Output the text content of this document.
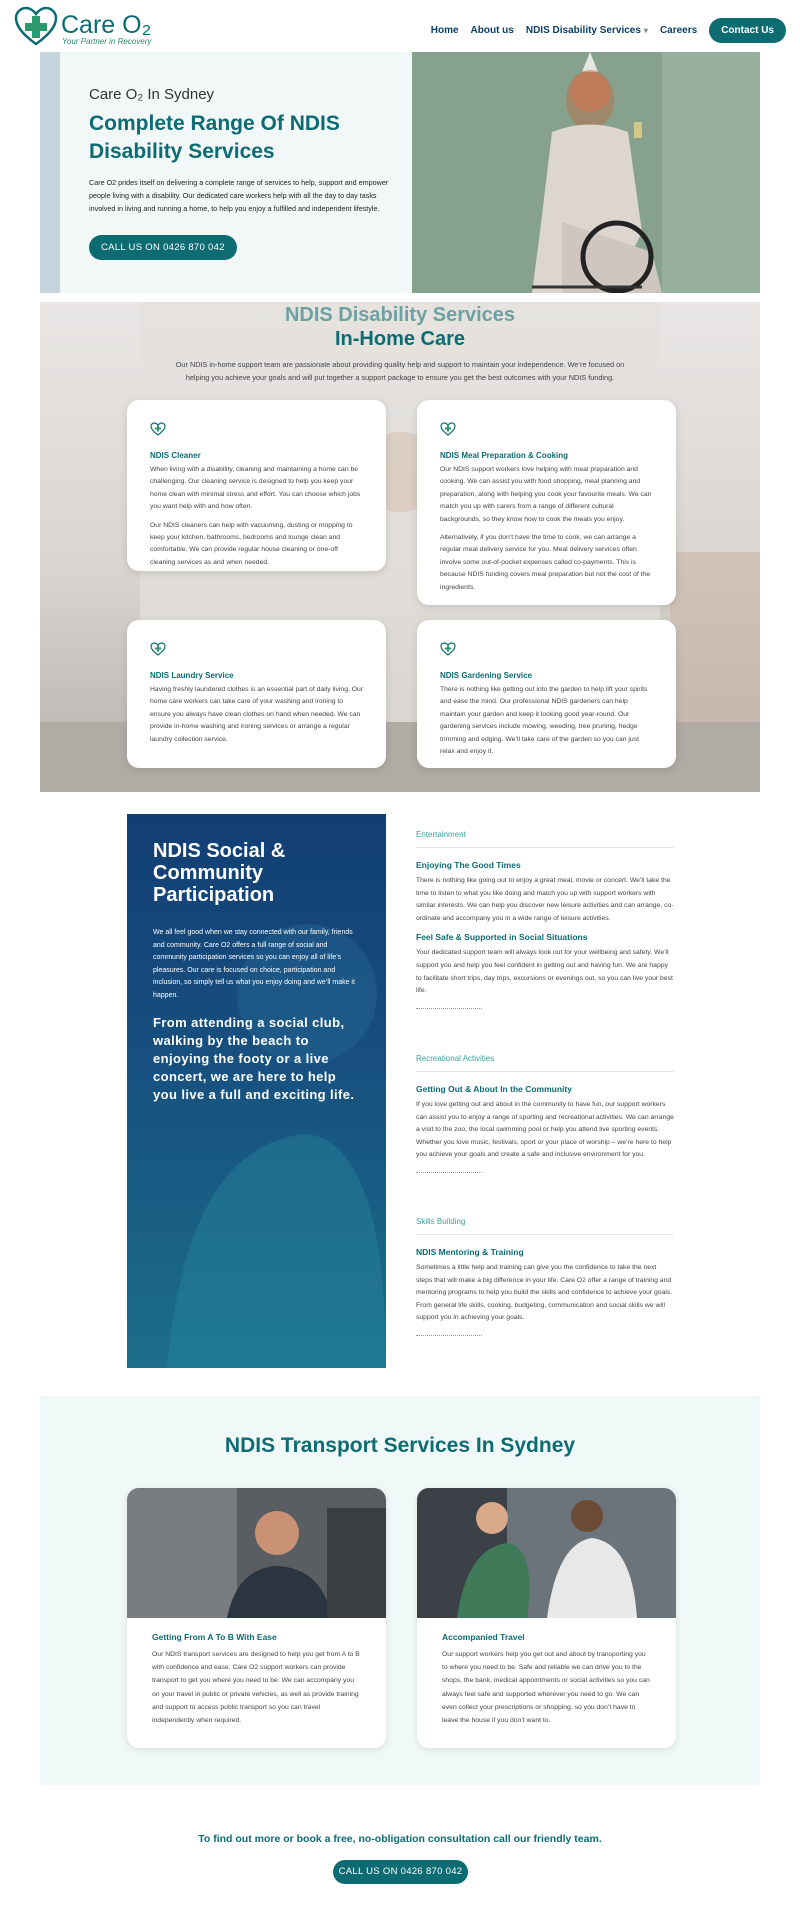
Care O₂
Your Partner in Recovery
Home About us NDIS Disability Services ▾ Careers	Contact Us
Care O₂ In Sydney
Complete Range Of NDIS Disability Services
Care O2 prides itself on delivering a complete range of services to help, support and empower people living with a disability. Our dedicated care workers help with all the day to day tasks involved in living and running a home, to help you enjoy a fulfilled and independent lifestyle.
CALL US ON 0426 870 042
NDIS Disability Services
In-Home Care
Our NDIS in-home support team are passionate about providing quality help and support to maintain your independence. We’re focused on helping you achieve your goals and will put together a support package to ensure you get the best outcomes with your NDIS funding.
NDIS Cleaner

When living with a disability, cleaning and maintaining a home can be challenging. Our cleaning service is designed to help you keep your home clean with minimal stress and effort. You can choose which jobs you want help with and how often.

Our NDIS cleaners can help with vacuuming, dusting or mopping to keep your kitchen, bathrooms, bedrooms and lounge clean and comfortable. We can provide regular house cleaning or one-off cleaning services as and when needed.

NDIS Meal Preparation & Cooking

Our NDIS support workers love helping with meal preparation and cooking. We can assist you with food shopping, meal planning and preparation, along with helping you cook your favourite meals. We can match you up with carers from a range of different cultural backgrounds, so they know how to cook the meals you enjoy.

Alternatively, if you don’t have the time to cook, we can arrange a regular meal delivery service for you. Meal delivery services often involve some out-of-pocket expenses called co-payments. This is because NDIS funding covers meal preparation but not the cost of the ingredients.

NDIS Laundry Service

Having freshly laundered clothes is an essential part of daily living. Our home care workers can take care of your washing and ironing to ensure you always have clean clothes on hand when needed. We can provide in-home washing and ironing services or arrange a regular laundry collection service.

NDIS Gardening Service

There is nothing like getting out into the garden to help lift your spirits and ease the mind. Our professional NDIS gardeners can help maintain your garden and keep it looking good year-round. Our gardening services include mowing, weeding, tree pruning, hedge trimming and edging. We’ll take care of the garden so you can just relax and enjoy it.

NDIS Social & Community Participation
We all feel good when we stay connected with our family, friends and community. Care O2 offers a full range of social and community participation services so you can enjoy all of life’s pleasures. Our care is focused on choice, participation and inclusion, so simply tell us what you enjoy doing and we’ll make it happen.
From attending a social club, walking by the beach to enjoying the footy or a live concert, we are here to help you live a full and exciting life.
Entertainment
Enjoying The Good Times

There is nothing like going out to enjoy a great meal, movie or concert. We’ll take the time to listen to what you like doing and match you up with support workers with similar interests. We can help you discover new leisure activities and can arrange, co-ordinate and accompany you in a wide range of leisure activities.

Feel Safe & Supported in Social Situations

Your dedicated support team will always look out for your wellbeing and safety. We’ll support you and help you feel confident in getting out and having fun. We are happy to facilitate short trips, day trips, excursions or evenings out, so you can live your best life.

Recreational Activities
Getting Out & About In the Community

If you love getting out and about in the community to have fun, our support workers can assist you to enjoy a range of sporting and recreational activities. We can arrange a visit to the zoo, the local swimming pool or help you attend live sporting events. Whether you love music, festivals, sport or your place of worship – we’re here to help you achieve your goals and create a safe and inclusive environment for you.

Skills Building
NDIS Mentoring & Training

Sometimes a little help and training can give you the confidence to take the next steps that will make a big difference in your life. Care O2 offer a range of training and mentoring programs to help you build the skills and confidence to achieve your goals. From general life skills, cooking, budgeting, communication and social skills we will support you in achieving your goals.

NDIS Transport Services In Sydney
Getting From A To B With Ease

Our NDIS transport services are designed to help you get from A to B with confidence and ease. Care O2 support workers can provide transport to get you where you need to be. We can accompany you on your travel in public or private vehicles, as well as provide training and support to access public transport so you can travel independently when required.

Accompanied Travel

Our support workers help you get out and about by transporting you to where you need to be. Safe and reliable we can drive you to the shops, the bank, medical appointments or social activities so you can always feel safe and supported wherever you need to go. We can even collect your prescriptions or shopping, so you don’t have to leave the house if you don’t want to.

To find out more or book a free, no-obligation consultation call our friendly team.
CALL US ON 0426 870 042
